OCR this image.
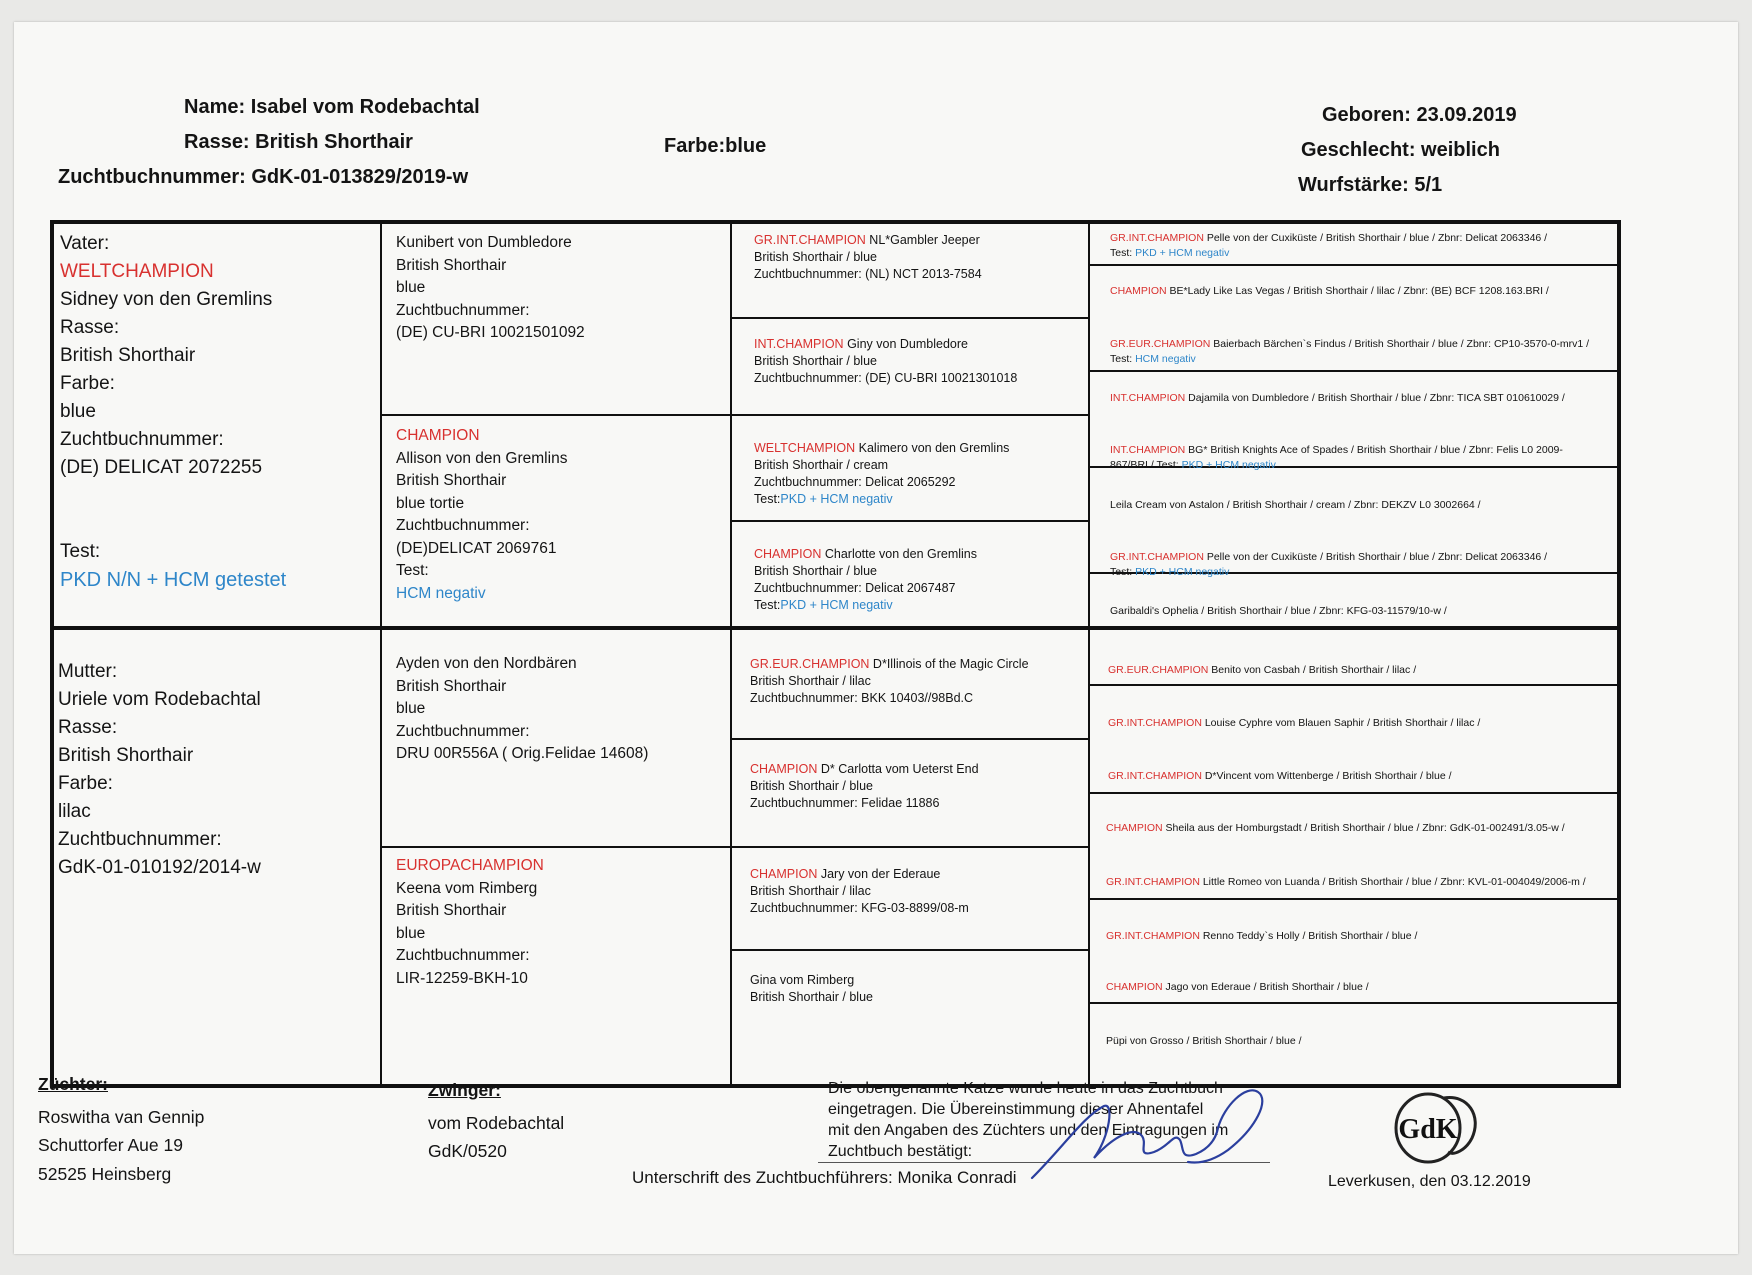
Name: Isabel vom Rodebachtal
Rasse: British Shorthair
Zuchtbuchnummer: GdK-01-013829/2019-w
Farbe:blue
Geboren: 23.09.2019
Geschlecht: weiblich
Wurfstärke: 5/1
Vater:
WELTCHAMPION
Sidney von den Gremlins
Rasse:
British Shorthair
Farbe:
blue
Zuchtbuchnummer:
(DE) DELICAT 2072255
Test:
PKD N/N + HCM getestet
Mutter:
Uriele vom Rodebachtal
Rasse:
British Shorthair
Farbe:
lilac
Zuchtbuchnummer:
GdK-01-010192/2014-w
Kunibert von Dumbledore
British Shorthair
blue
Zuchtbuchnummer:
(DE) CU-BRI 10021501092
CHAMPION
Allison von den Gremlins
British Shorthair
blue tortie
Zuchtbuchnummer:
(DE)DELICAT 2069761
Test:
HCM negativ
Ayden von den Nordbären
British Shorthair
blue
Zuchtbuchnummer:
DRU 00R556A ( Orig.Felidae 14608)
EUROPACHAMPION
Keena vom Rimberg
British Shorthair
blue
Zuchtbuchnummer:
LIR-12259-BKH-10
GR.INT.CHAMPION NL*Gambler Jeeper
British Shorthair / blue
Zuchtbuchnummer: (NL) NCT 2013-7584
INT.CHAMPION Giny von Dumbledore
British Shorthair / blue
Zuchtbuchnummer: (DE) CU-BRI 10021301018
WELTCHAMPION Kalimero von den Gremlins
British Shorthair / cream
Zuchtbuchnummer: Delicat 2065292
Test:PKD + HCM negativ
CHAMPION Charlotte von den Gremlins
British Shorthair / blue
Zuchtbuchnummer: Delicat 2067487
Test:PKD + HCM negativ
GR.EUR.CHAMPION D*Illinois of the Magic Circle
British Shorthair / lilac
Zuchtbuchnummer: BKK 10403//98Bd.C
CHAMPION D* Carlotta vom Ueterst End
British Shorthair / blue
Zuchtbuchnummer: Felidae 11886
CHAMPION Jary von der Ederaue
British Shorthair / lilac
Zuchtbuchnummer: KFG-03-8899/08-m
Gina vom Rimberg
British Shorthair / blue
GR.INT.CHAMPION Pelle von der Cuxiküste / British Shorthair / blue / Zbnr: Delicat 2063346 /
Test: PKD + HCM negativ
CHAMPION BE*Lady Like Las Vegas / British Shorthair / lilac / Zbnr: (BE) BCF 1208.163.BRI /
GR.EUR.CHAMPION Baierbach Bärchen`s Findus / British Shorthair / blue / Zbnr: CP10-3570-0-mrv1 / Test: HCM negativ
INT.CHAMPION Dajamila von Dumbledore / British Shorthair / blue / Zbnr: TICA SBT 010610029 /
INT.CHAMPION BG* British Knights Ace of Spades / British Shorthair / blue / Zbnr: Felis L0 2009-867/BRI / Test: PKD + HCM negativ
Leila Cream von Astalon / British Shorthair / cream / Zbnr: DEKZV L0 3002664 /
GR.INT.CHAMPION Pelle von der Cuxiküste / British Shorthair / blue / Zbnr: Delicat 2063346 /
Test: PKD + HCM negativ
Garibaldi's Ophelia / British Shorthair / blue / Zbnr: KFG-03-11579/10-w /
GR.EUR.CHAMPION Benito von Casbah / British Shorthair / lilac /
GR.INT.CHAMPION Louise Cyphre vom Blauen Saphir / British Shorthair / lilac /
GR.INT.CHAMPION D*Vincent vom Wittenberge / British Shorthair / blue /
CHAMPION Sheila aus der Homburgstadt / British Shorthair / blue / Zbnr: GdK-01-002491/3.05-w /
GR.INT.CHAMPION Little Romeo von Luanda / British Shorthair / blue / Zbnr: KVL-01-004049/2006-m /
GR.INT.CHAMPION Renno Teddy`s Holly / British Shorthair / blue /
CHAMPION Jago von Ederaue / British Shorthair / blue /
Püpi von Grosso / British Shorthair / blue /
Züchter:
Roswitha van Gennip
Schuttorfer Aue 19
52525 Heinsberg
Zwinger:
vom Rodebachtal
GdK/0520
Die obengenannte Katze wurde heute in das Zuchtbuch
eingetragen. Die Übereinstimmung dieser Ahnentafel
mit den Angaben des Züchters und den Eintragungen im
Zuchtbuch bestätigt:
Unterschrift des Zuchtbuchführers: Monika Conradi
GdK
Leverkusen, den 03.12.2019
